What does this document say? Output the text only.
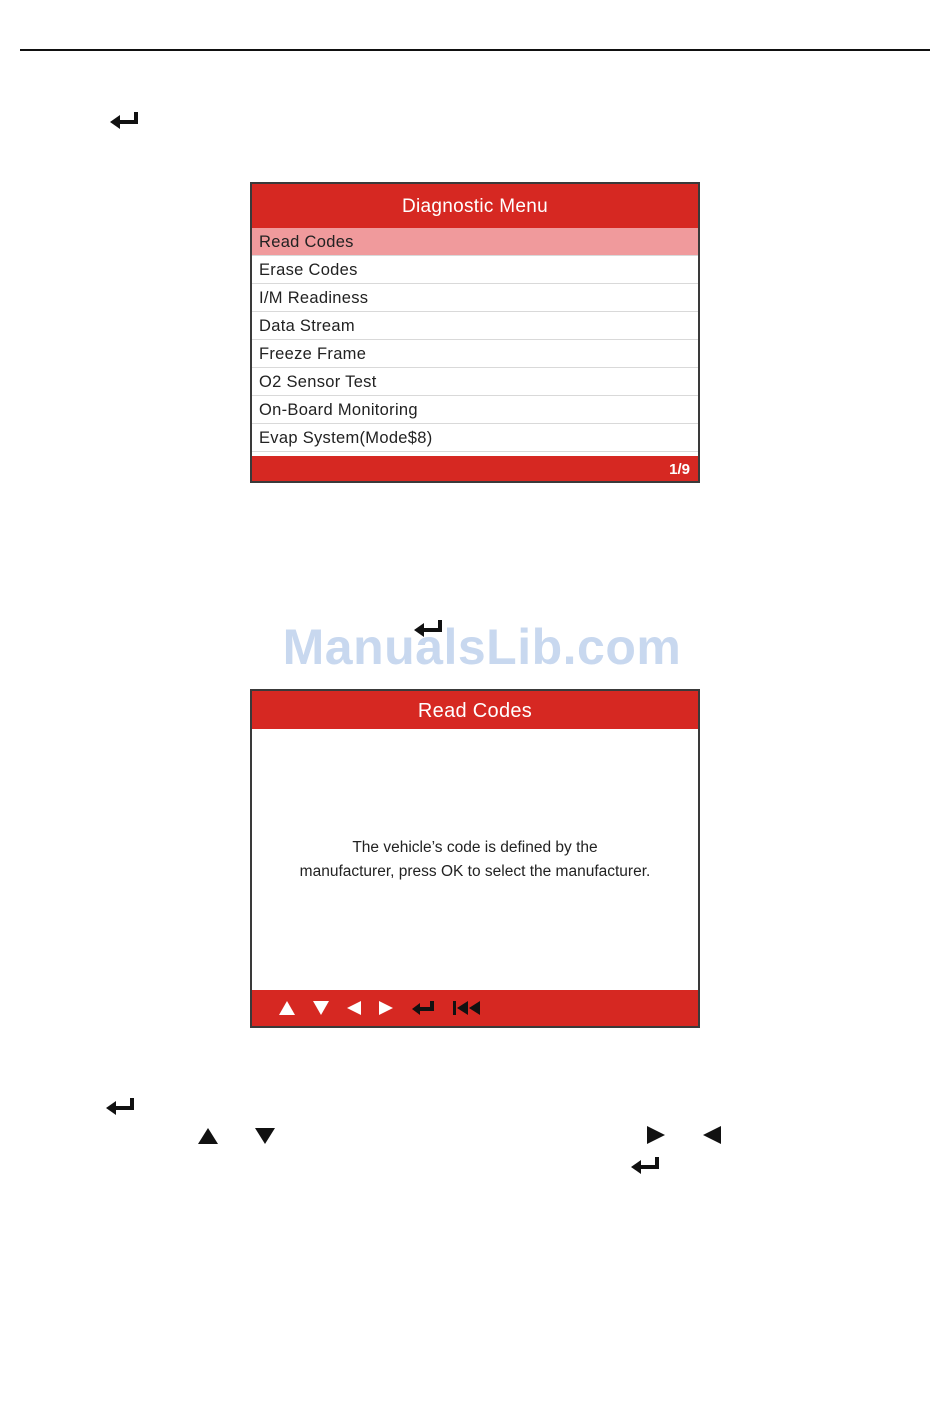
Diagnostic Menu
Read Codes
Erase Codes
I/M Readiness
Data Stream
Freeze Frame
O2 Sensor Test
On-Board Monitoring
Evap System(Mode$8)
1/9
ManualsLib.com
Read Codes
The vehicle’s code is defined by the
manufacturer, press OK to select the manufacturer.
